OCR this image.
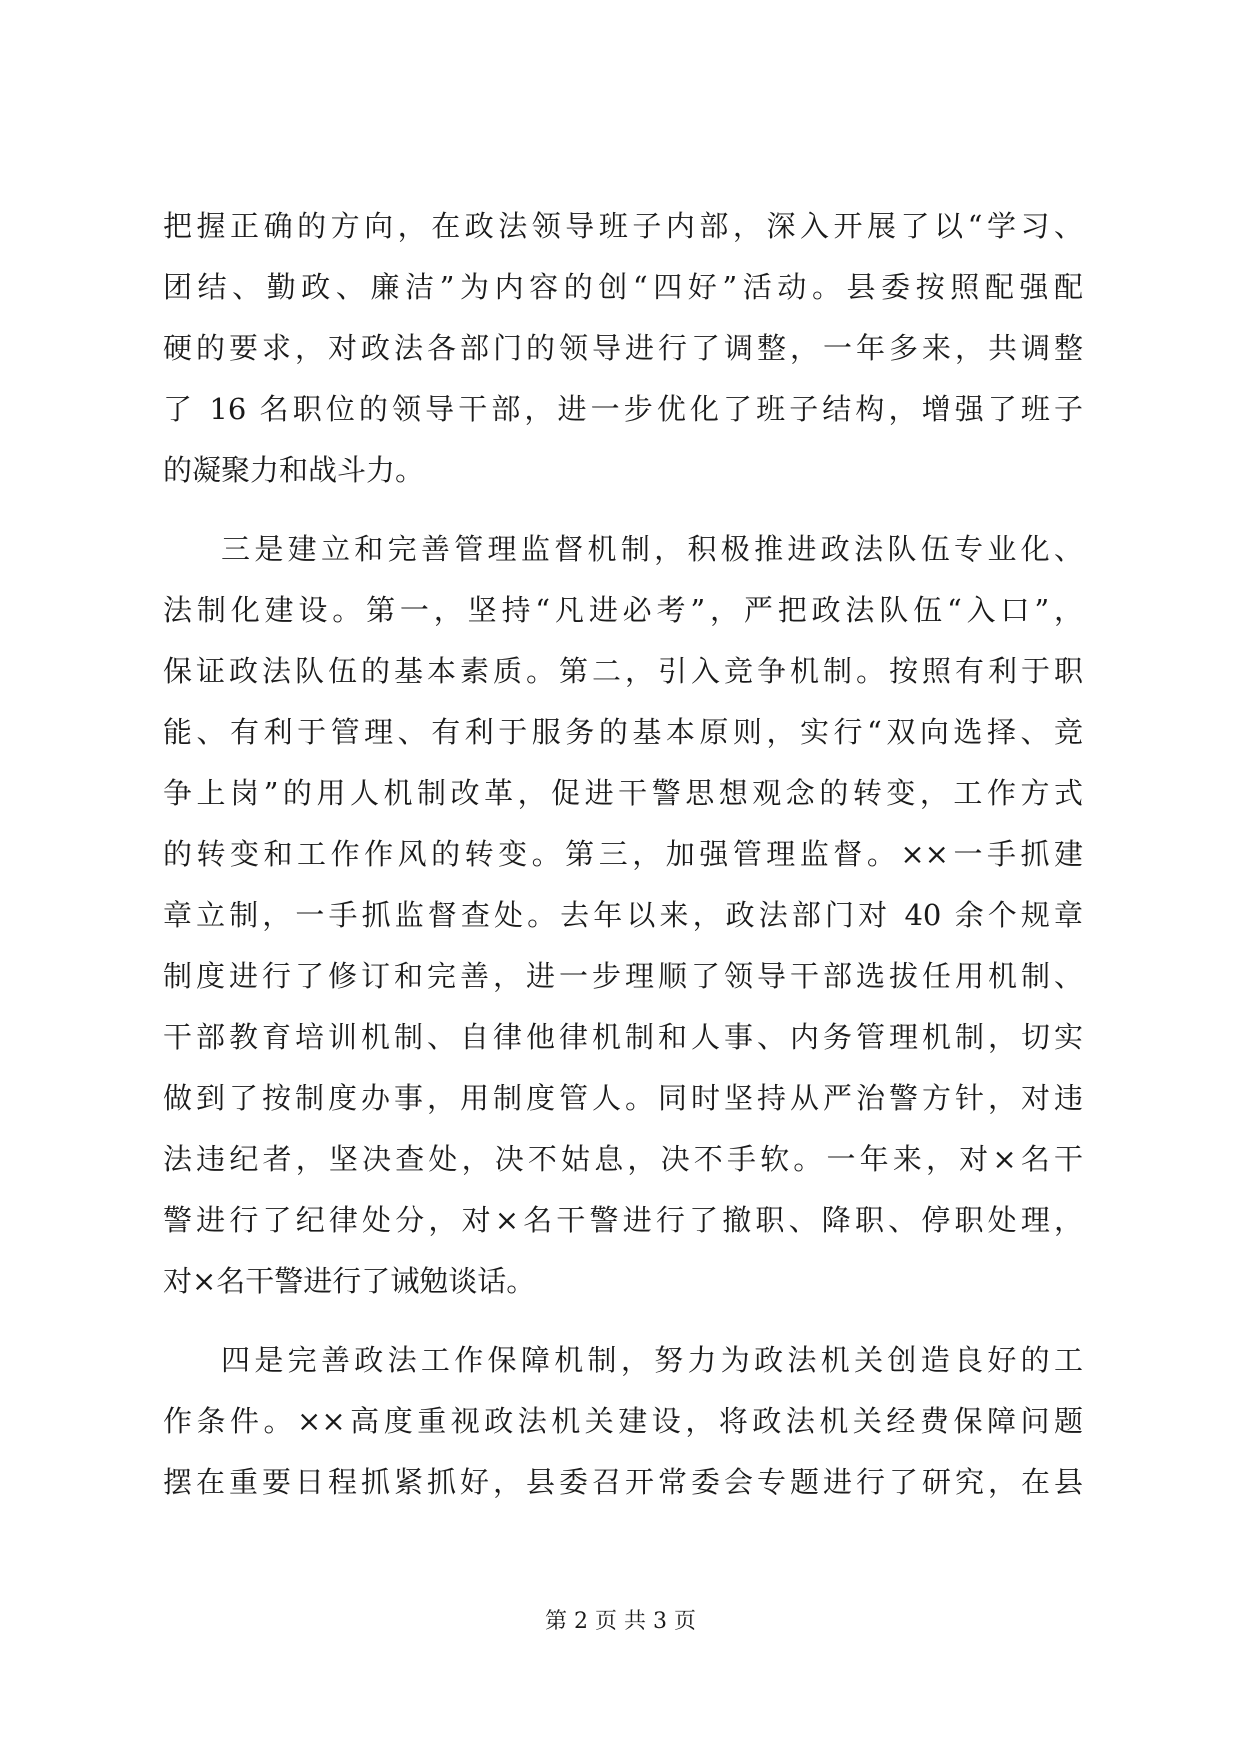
把握正确的方向，在政法领导班子内部，深入开展了以“学习、
团结、勤政、廉洁”为内容的创“四好”活动。县委按照配强配
硬的要求，对政法各部门的领导进行了调整，一年多来，共调整
了 16 名职位的领导干部，进一步优化了班子结构，增强了班子
的凝聚力和战斗力。
三是建立和完善管理监督机制，积极推进政法队伍专业化、
法制化建设。第一，坚持“凡进必考”，严把政法队伍“入口”，
保证政法队伍的基本素质。第二，引入竞争机制。按照有利于职
能、有利于管理、有利于服务的基本原则，实行“双向选择、竞
争上岗”的用人机制改革，促进干警思想观念的转变，工作方式
的转变和工作作风的转变。第三，加强管理监督。××一手抓建
章立制，一手抓监督查处。去年以来，政法部门对 40 余个规章
制度进行了修订和完善，进一步理顺了领导干部选拔任用机制、
干部教育培训机制、自律他律机制和人事、内务管理机制，切实
做到了按制度办事，用制度管人。同时坚持从严治警方针，对违
法违纪者，坚决查处，决不姑息，决不手软。一年来，对×名干
警进行了纪律处分，对×名干警进行了撤职、降职、停职处理，
对×名干警进行了诫勉谈话。
四是完善政法工作保障机制，努力为政法机关创造良好的工
作条件。××高度重视政法机关建设，将政法机关经费保障问题
摆在重要日程抓紧抓好，县委召开常委会专题进行了研究，在县
第 2 页 共 3 页
